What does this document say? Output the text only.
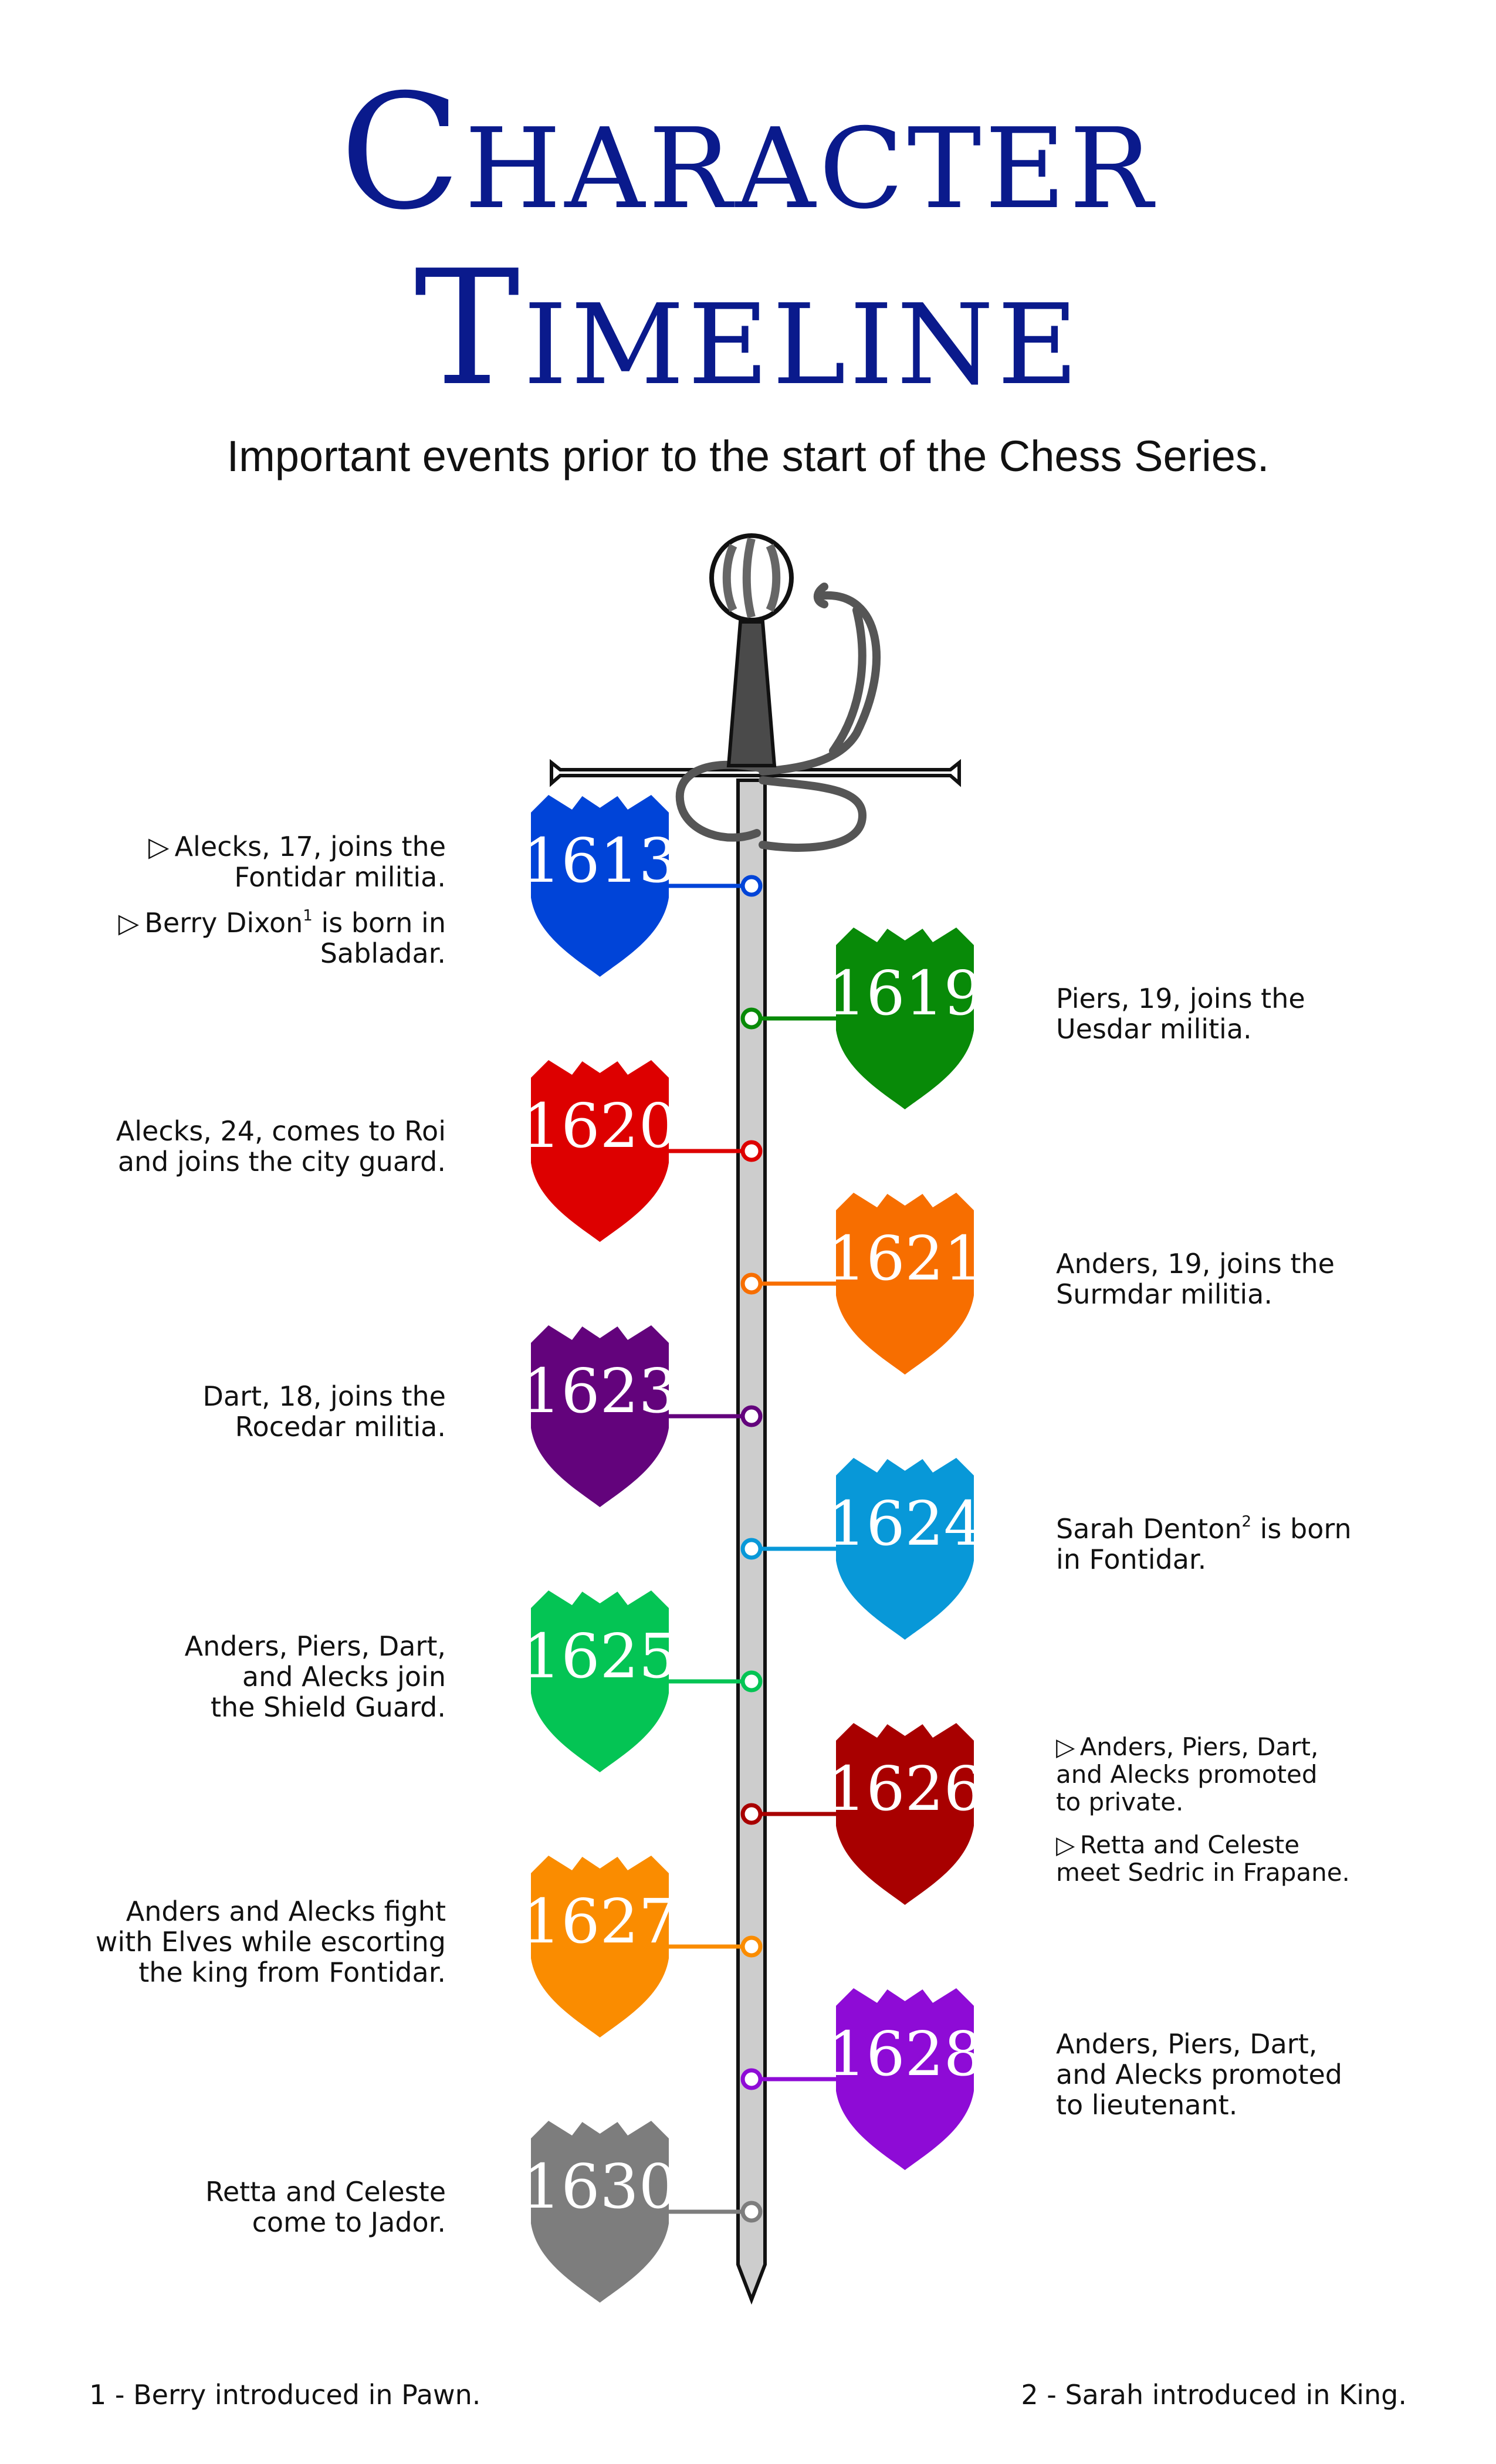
Character
Timeline
Important events prior to the start of the Chess Series.
1613
1619
1620
1621
1623
1624
1625
1626
1627
1628
1630

▷  Alecks, 17, joins the
Fontidar militia.

▷  Berry Dixon$^1$ is born in
Sabladar.

Piers, 19, joins the
Uesdar militia.

Alecks, 24, comes to Roi
and joins the city guard.

Anders, 19, joins the
Surmdar militia.

Dart, 18, joins the
Rocedar militia.

Sarah Denton$^2$ is born
in Fontidar.

Anders, Piers, Dart,
and Alecks join
the Shield Guard.

▷  Anders, Piers, Dart,
and Alecks promoted
to private.

▷  Retta and Celeste
meet Sedric in Frapane.

Anders and Alecks fight
with Elves while escorting
the king from Fontidar.

Anders, Piers, Dart,
and Alecks promoted
to lieutenant.

Retta and Celeste
come to Jador.

1 - Berry introduced in Pawn.	2 - Sarah introduced in King.
